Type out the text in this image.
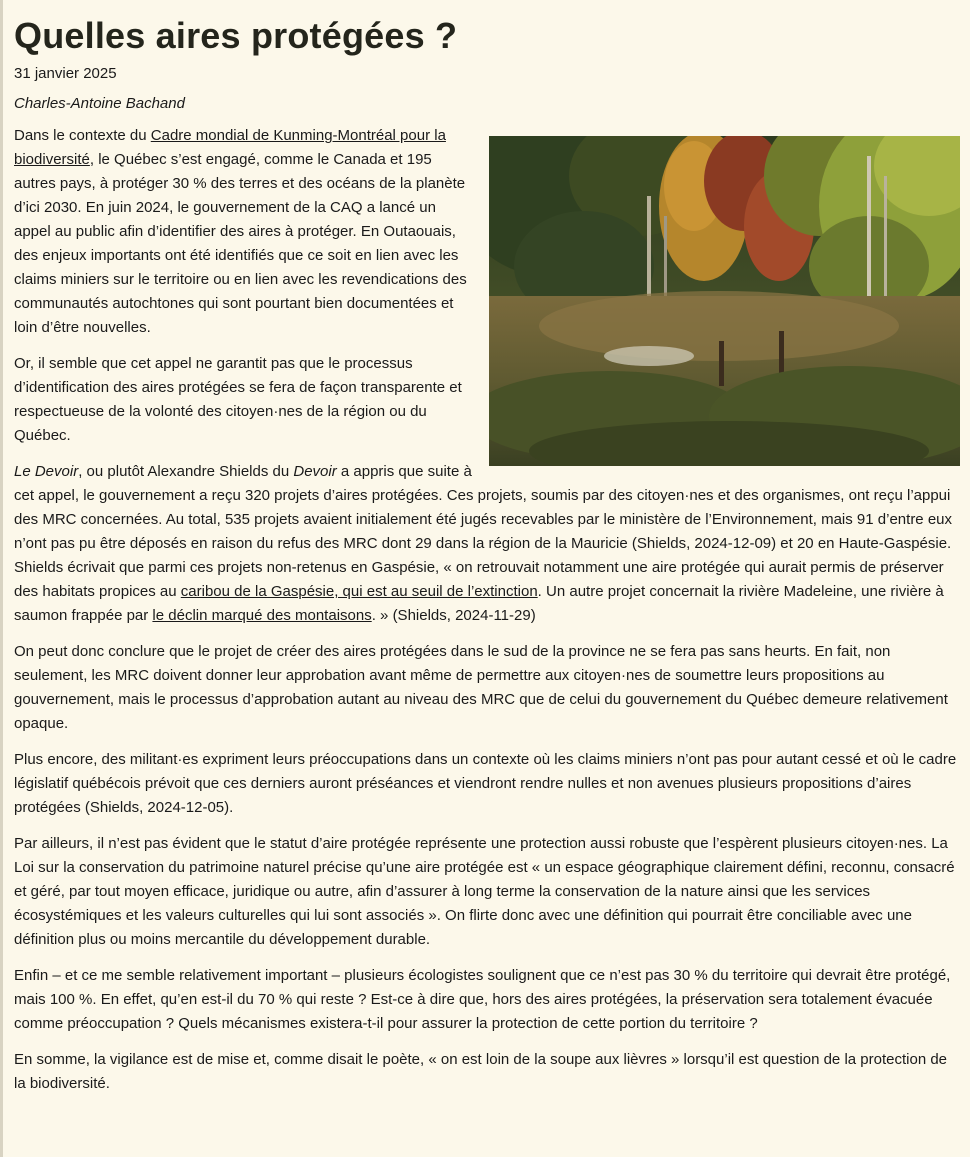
Quelles aires protégées ?
31 janvier 2025
Charles-Antoine Bachand

Dans le contexte du Cadre mondial de Kunming-Montréal pour la biodiversité, le Québec s’est engagé, comme le Canada et 195 autres pays, à protéger 30 % des terres et des océans de la planète d’ici 2030. En juin 2024, le gouvernement de la CAQ a lancé un appel au public afin d’identifier des aires à protéger. En Outaouais, des enjeux importants ont été identifiés que ce soit en lien avec les claims miniers sur le territoire ou en lien avec les revendications des communautés autochtones qui sont pourtant bien documentées et loin d’être nouvelles.

Or, il semble que cet appel ne garantit pas que le processus d’identification des aires protégées se fera de façon transparente et respectueuse de la volonté des citoyen·nes de la région ou du Québec.

Le Devoir, ou plutôt Alexandre Shields du Devoir a appris que suite à cet appel, le gouvernement a reçu 320 projets d’aires protégées. Ces projets, soumis par des citoyen·nes et des organismes, ont reçu l’appui des MRC concernées. Au total, 535 projets avaient initialement été jugés recevables par le ministère de l’Environnement, mais 91 d’entre eux n’ont pas pu être déposés en raison du refus des MRC dont 29 dans la région de la Mauricie (Shields, 2024-12-09) et 20 en Haute-Gaspésie. Shields écrivait que parmi ces projets non-retenus en Gaspésie, « on retrouvait notamment une aire protégée qui aurait permis de préserver des habitats propices au caribou de la Gaspésie, qui est au seuil de l’extinction. Un autre projet concernait la rivière Madeleine, une rivière à saumon frappée par le déclin marqué des montaisons. » (Shields, 2024-11-29)

On peut donc conclure que le projet de créer des aires protégées dans le sud de la province ne se fera pas sans heurts. En fait, non seulement, les MRC doivent donner leur approbation avant même de permettre aux citoyen·nes de soumettre leurs propositions au gouvernement, mais le processus d’approbation autant au niveau des MRC que de celui du gouvernement du Québec demeure relativement opaque.

Plus encore, des militant·es expriment leurs préoccupations dans un contexte où les claims miniers n’ont pas pour autant cessé et où le cadre législatif québécois prévoit que ces derniers auront préséances et viendront rendre nulles et non avenues plusieurs propositions d’aires protégées (Shields, 2024-12-05).

Par ailleurs, il n’est pas évident que le statut d’aire protégée représente une protection aussi robuste que l’espèrent plusieurs citoyen·nes. La Loi sur la conservation du patrimoine naturel précise qu’une aire protégée est « un espace géographique clairement défini, reconnu, consacré et géré, par tout moyen efficace, juridique ou autre, afin d’assurer à long terme la conservation de la nature ainsi que les services écosystémiques et les valeurs culturelles qui lui sont associés ». On flirte donc avec une définition qui pourrait être conciliable avec une définition plus ou moins mercantile du développement durable.

Enfin – et ce me semble relativement important – plusieurs écologistes soulignent que ce n’est pas 30 % du territoire qui devrait être protégé, mais 100 %. En effet, qu’en est-il du 70 % qui reste ? Est-ce à dire que, hors des aires protégées, la préservation sera totalement évacuée comme préoccupation ? Quels mécanismes existera-t-il pour assurer la protection de cette portion du territoire ?

En somme, la vigilance est de mise et, comme disait le poète, « on est loin de la soupe aux lièvres » lorsqu’il est question de la protection de la biodiversité.
